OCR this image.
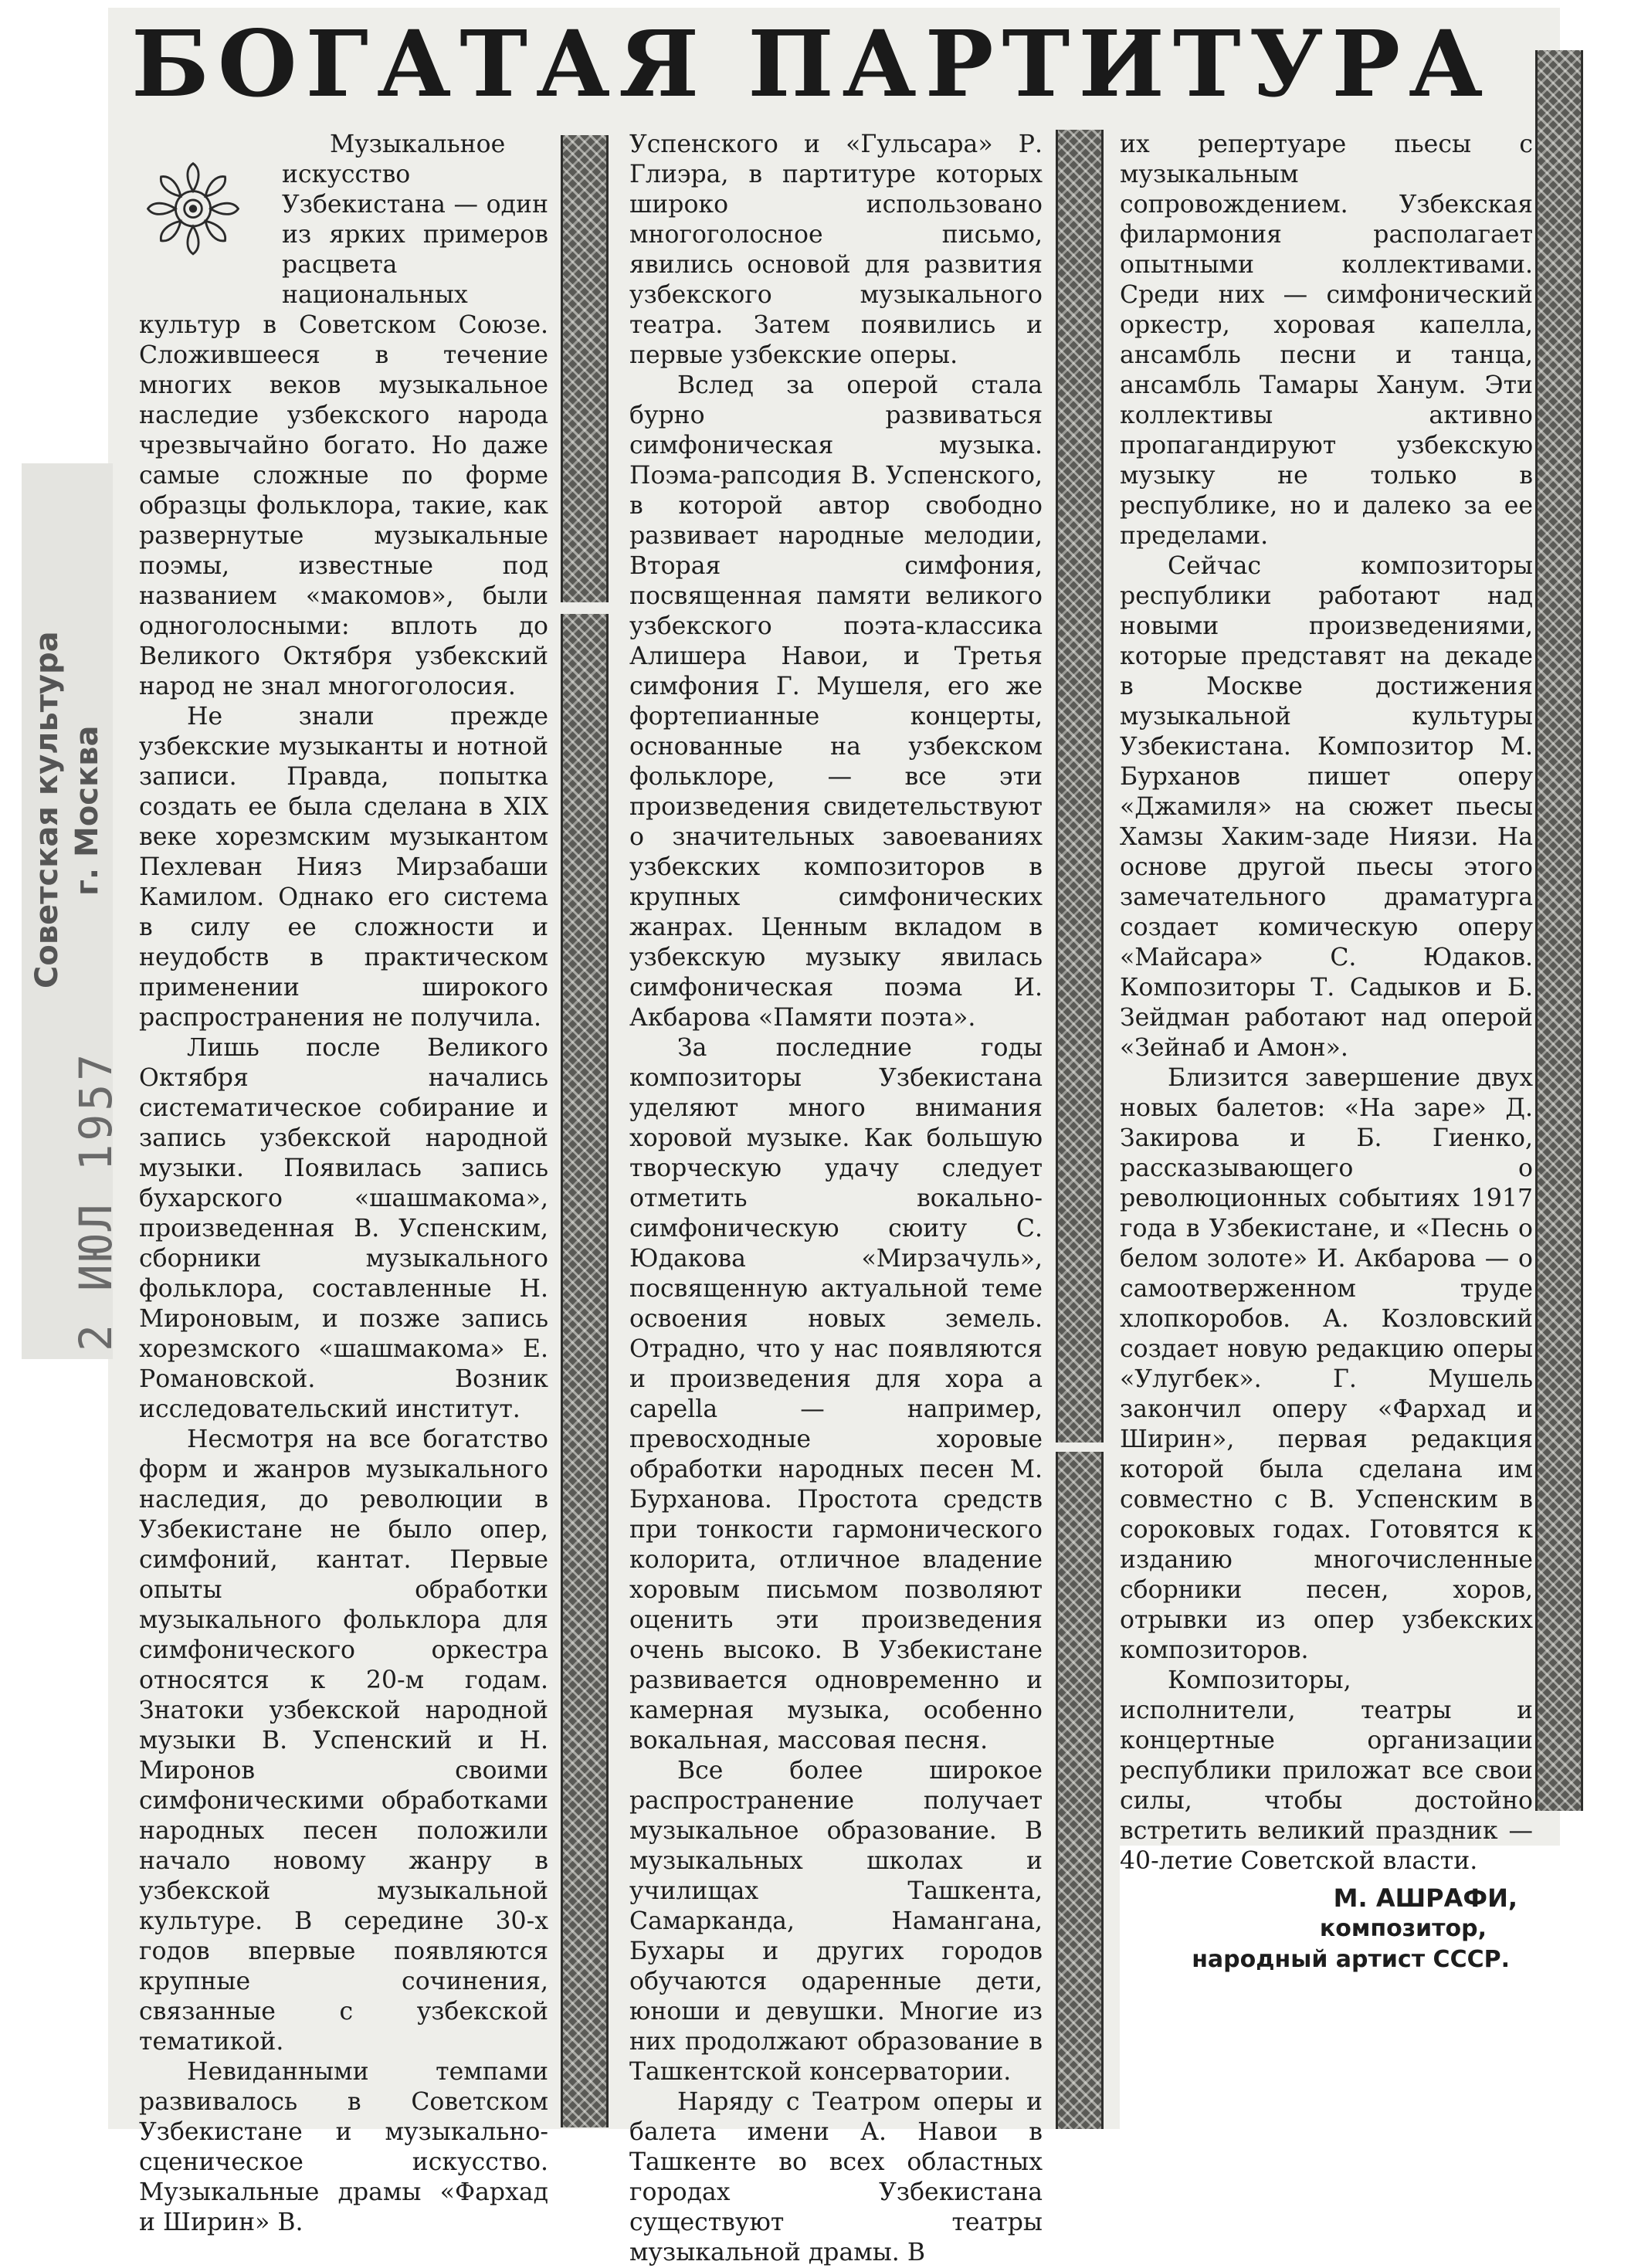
Советская культура г. Москва
2 ИЮЛ 1957
БОГАТАЯ ПАРТИТУРА

Музыкальное искусство Узбекистана — один из ярких примеров расцвета национальных культур в Советском Союзе. Сложившееся в течение многих веков музыкальное наследие узбекского народа чрезвычайно богато. Но даже самые сложные по форме образцы фольклора, такие, как развернутые музыкальные поэмы, известные под названием «макомов», были одноголосными: вплоть до Великого Октября узбекский народ не знал многоголосия.

Не знали прежде узбекские музыканты и нотной записи. Правда, попытка создать ее была сделана в XIX веке хорезмским музыкантом Пехлеван Нияз Мирзабаши Камилом. Однако его система в силу ее сложности и неудобств в практическом применении широкого распространения не получила.

Лишь после Великого Октября начались систематическое собирание и запись узбекской народной музыки. Появилась запись бухарского «шашмакома», произведенная В. Успенским, сборники музыкального фольклора, составленные Н. Мироновым, и позже запись хорезмского «шашмакома» Е. Романовской. Возник исследовательский институт.

Несмотря на все богатство форм и жанров музыкального наследия, до революции в Узбекистане не было опер, симфоний, кантат. Первые опыты обработки музыкального фольклора для симфонического оркестра относятся к 20-м годам. Знатоки узбекской народной музыки В. Успенский и Н. Миронов своими симфоническими обработками народных песен положили начало новому жанру в узбекской музыкальной культуре. В середине 30-х годов впервые появляются крупные сочинения, связанные с узбекской тематикой.

Невиданными темпами развивалось в Советском Узбекистане и музыкально-сценическое искусство. Музыкальные драмы «Фархад и Ширин» В.

Успенского и «Гульсара» Р. Глиэра, в партитуре которых широко использовано многоголосное письмо, явились основой для развития узбекского музыкального театра. Затем появились и первые узбекские оперы.

Вслед за оперой стала бурно развиваться симфоническая музыка. Поэма-рапсодия В. Успенского, в которой автор свободно развивает народные мелодии, Вторая симфония, посвященная памяти великого узбекского поэта-классика Алишера Навои, и Третья симфония Г. Мушеля, его же фортепианные концерты, основанные на узбекском фольклоре, — все эти произведения свидетельствуют о значительных завоеваниях узбекских композиторов в крупных симфонических жанрах. Ценным вкладом в узбекскую музыку явилась симфоническая поэма И. Акбарова «Памяти поэта».

За последние годы композиторы Узбекистана уделяют много внимания хоровой музыке. Как большую творческую удачу следует отметить вокально-симфоническую сюиту С. Юдакова «Мирзачуль», посвященную актуальной теме освоения новых земель. Отрадно, что у нас появляются и произведения для хора a capella — например, превосходные хоровые обработки народных песен М. Бурханова. Простота средств при тонкости гармонического колорита, отличное владение хоровым письмом позволяют оценить эти произведения очень высоко. В Узбекистане развивается одновременно и камерная музыка, особенно вокальная, массовая песня.

Все более широкое распространение получает музыкальное образование. В музыкальных школах и училищах Ташкента, Самарканда, Намангана, Бухары и других городов обучаются одаренные дети, юноши и девушки. Многие из них продолжают образование в Ташкентской консерватории.

Наряду с Театром оперы и балета имени А. Навои в Ташкенте во всех областных городах Узбекистана существуют театры музыкальной драмы. В

их репертуаре пьесы с музыкальным сопровождением. Узбекская филармония располагает опытными коллективами. Среди них — симфонический оркестр, хоровая капелла, ансамбль песни и танца, ансамбль Тамары Ханум. Эти коллективы активно пропагандируют узбекскую музыку не только в республике, но и далеко за ее пределами.

Сейчас композиторы республики работают над новыми произведениями, которые представят на декаде в Москве достижения музыкальной культуры Узбекистана. Композитор М. Бурханов пишет оперу «Джамиля» на сюжет пьесы Хамзы Хаким-заде Ниязи. На основе другой пьесы этого замечательного драматурга создает комическую оперу «Майсара» С. Юдаков. Композиторы Т. Садыков и Б. Зейдман работают над оперой «Зейнаб и Амон».

Близится завершение двух новых балетов: «На заре» Д. Закирова и Б. Гиенко, рассказывающего о революционных событиях 1917 года в Узбекистане, и «Песнь о белом золоте» И. Акбарова — о самоотверженном труде хлопкоробов. А. Козловский создает новую редакцию оперы «Улугбек». Г. Мушель закончил оперу «Фархад и Ширин», первая редакция которой была сделана им совместно с В. Успенским в сороковых годах. Готовятся к изданию многочисленные сборники песен, хоров, отрывки из опер узбекских композиторов.

Композиторы, исполнители, театры и концертные организации республики приложат все свои силы, чтобы достойно встретить великий праздник — 40-летие Советской власти.

М. АШРАФИ,
композитор,
народный артист СССР.
